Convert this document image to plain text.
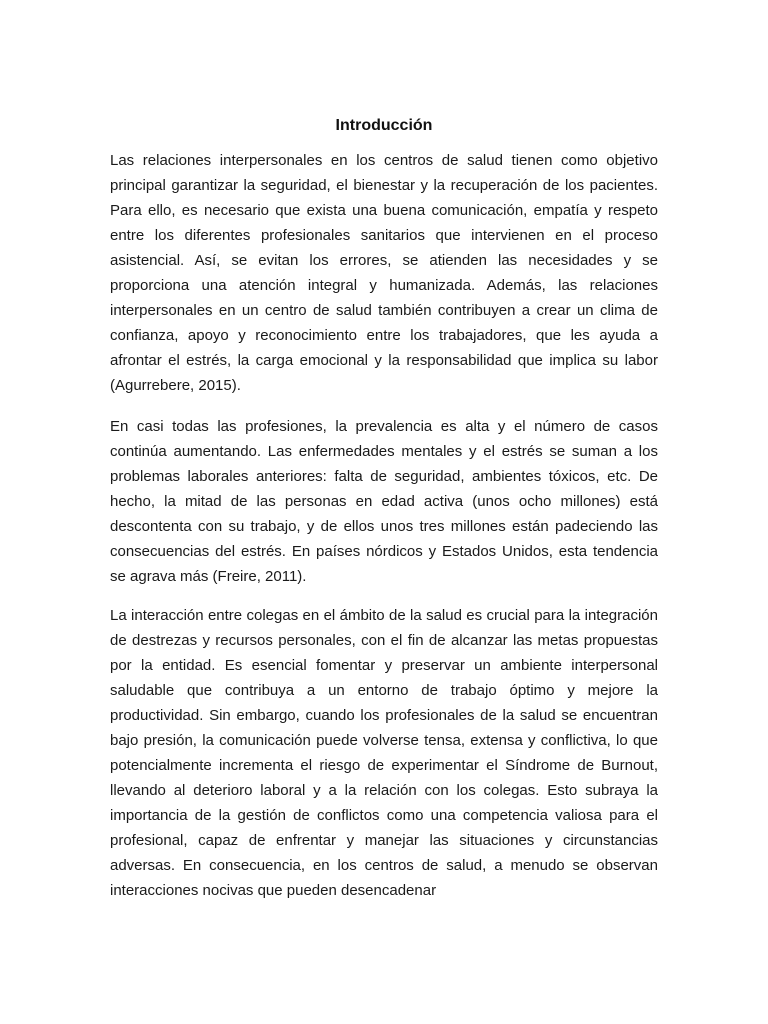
Introducción

Las relaciones interpersonales en los centros de salud tienen como objetivo principal garantizar la seguridad, el bienestar y la recuperación de los pacientes. Para ello, es necesario que exista una buena comunicación, empatía y respeto entre los diferentes profesionales sanitarios que intervienen en el proceso asistencial. Así, se evitan los errores, se atienden las necesidades y se proporciona una atención integral y humanizada. Además, las relaciones interpersonales en un centro de salud también contribuyen a crear un clima de confianza, apoyo y reconocimiento entre los trabajadores, que les ayuda a afrontar el estrés, la carga emocional y la responsabilidad que implica su labor (Agurrebere, 2015).

En casi todas las profesiones, la prevalencia es alta y el número de casos continúa aumentando. Las enfermedades mentales y el estrés se suman a los problemas laborales anteriores: falta de seguridad, ambientes tóxicos, etc. De hecho, la mitad de las personas en edad activa (unos ocho millones) está descontenta con su trabajo, y de ellos unos tres millones están padeciendo las consecuencias del estrés. En países nórdicos y Estados Unidos, esta tendencia se agrava más (Freire, 2011).

La interacción entre colegas en el ámbito de la salud es crucial para la integración de destrezas y recursos personales, con el fin de alcanzar las metas propuestas por la entidad. Es esencial fomentar y preservar un ambiente interpersonal saludable que contribuya a un entorno de trabajo óptimo y mejore la productividad. Sin embargo, cuando los profesionales de la salud se encuentran bajo presión, la comunicación puede volverse tensa, extensa y conflictiva, lo que potencialmente incrementa el riesgo de experimentar el Síndrome de Burnout, llevando al deterioro laboral y a la relación con los colegas. Esto subraya la importancia de la gestión de conflictos como una competencia valiosa para el profesional, capaz de enfrentar y manejar las situaciones y circunstancias adversas. En consecuencia, en los centros de salud, a menudo se observan interacciones nocivas que pueden desencadenar
